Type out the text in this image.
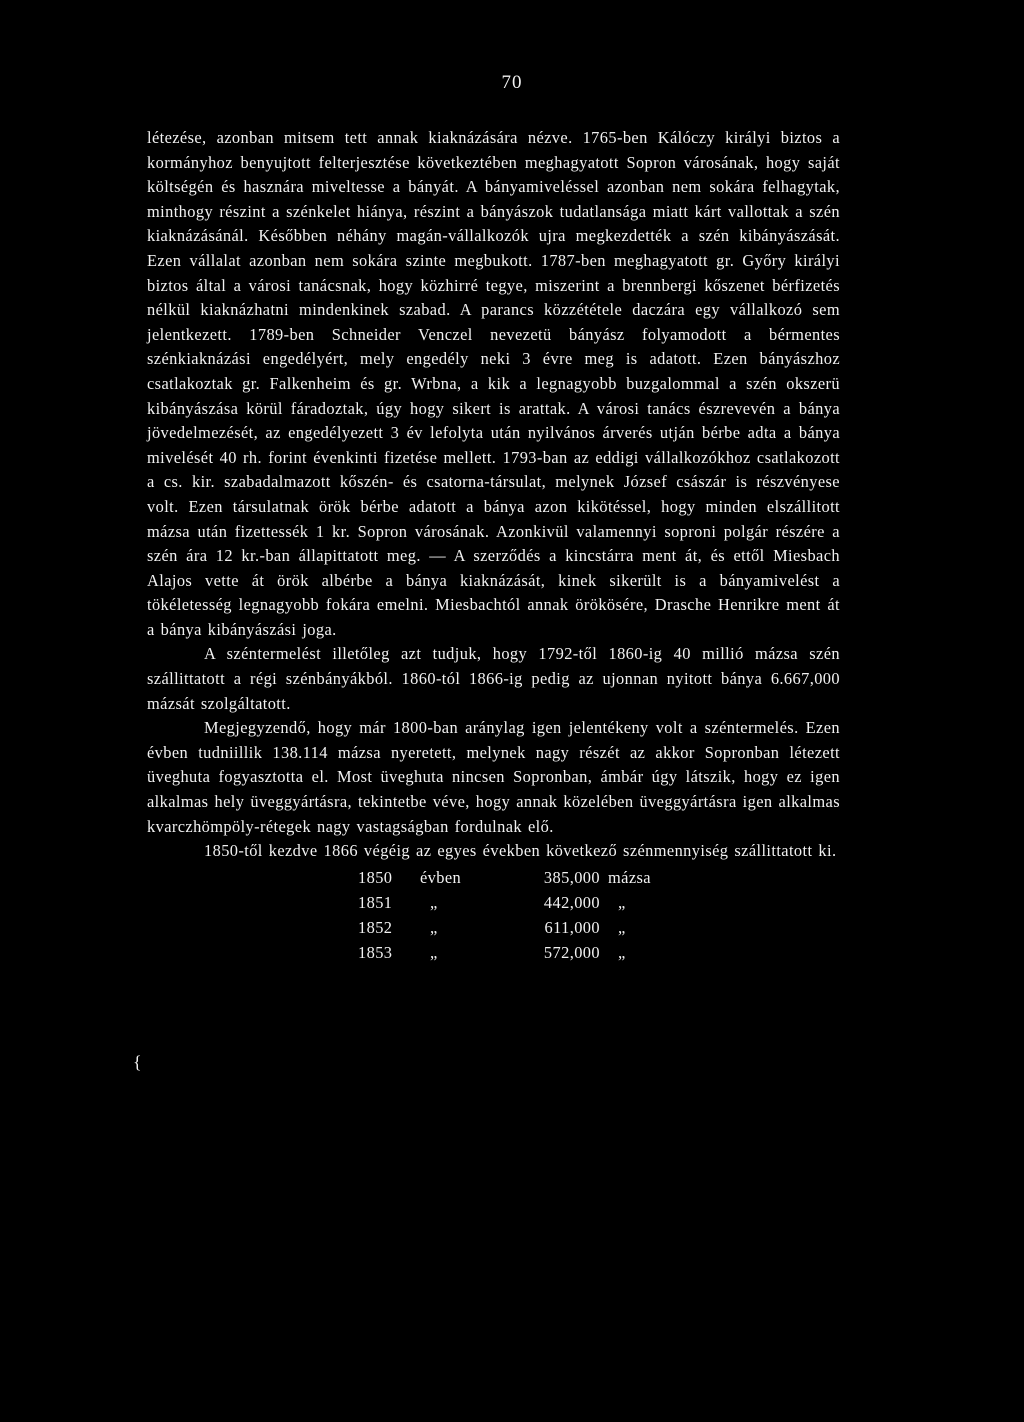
70
{

létezése, azonban mitsem tett annak kiaknázására nézve. 1765-ben Kálóczy királyi biztos a kormányhoz benyujtott felterjesztése következtében meghagyatott Sopron városának, hogy saját költségén és hasznára miveltesse a bányát. A bányamiveléssel azonban nem sokára felhagytak, minthogy részint a szénkelet hiánya, részint a bányászok tudatlansága miatt kárt vallottak a szén kiaknázásánál. Későbben néhány magán-vállalkozók ujra megkezdették a szén kibányászását. Ezen vállalat azonban nem sokára szinte megbukott. 1787-ben meghagyatott gr. Győry királyi biztos által a városi tanácsnak, hogy közhirré tegye, miszerint a brennbergi kőszenet bérfizetés nélkül kiaknázhatni mindenkinek szabad. A parancs közzététele daczára egy vállalkozó sem jelentkezett. 1789-ben Schneider Venczel nevezetü bányász folyamodott a bérmentes szénkiaknázási engedélyért, mely engedély neki 3 évre meg is adatott. Ezen bányászhoz csatlakoztak gr. Falkenheim és gr. Wrbna, a kik a legnagyobb buzgalommal a szén okszerü kibányászása körül fáradoztak, úgy hogy sikert is arattak. A városi tanács észrevevén a bánya jövedelmezését, az engedélyezett 3 év lefolyta után nyilvános árverés utján bérbe adta a bánya mivelését 40 rh. forint évenkinti fizetése mellett. 1793-ban az eddigi vállalkozókhoz csatlakozott a cs. kir. szabadalmazott kőszén- és csatorna-társulat, melynek József császár is részvényese volt. Ezen társulatnak örök bérbe adatott a bánya azon kikötéssel, hogy minden elszállitott mázsa után fizettessék 1 kr. Sopron városának. Azonkivül valamennyi soproni polgár részére a szén ára 12 kr.-ban állapittatott meg. — A szerződés a kincstárra ment át, és ettől Miesbach Alajos vette át örök albérbe a bánya kiaknázását, kinek sikerült is a bányamivelést a tökéletesség legnagyobb fokára emelni. Miesbachtól annak örökösére, Drasche Henrikre ment át a bánya kibányászási joga.

A széntermelést illetőleg azt tudjuk, hogy 1792-től 1860-ig 40 millió mázsa szén szállittatott a régi szénbányákból. 1860-tól 1866-ig pedig az ujonnan nyitott bánya 6.667,000 mázsát szolgáltatott.

Megjegyzendő, hogy már 1800-ban aránylag igen jelentékeny volt a széntermelés. Ezen évben tudniillik 138.114 mázsa nyeretett, melynek nagy részét az akkor Sopronban létezett üveghuta fogyasztotta el. Most üveghuta nincsen Sopronban, ámbár úgy látszik, hogy ez igen alkalmas hely üveggyártásra, tekintetbe véve, hogy annak közelében üveggyártásra igen alkalmas kvarczhömpöly-rétegek nagy vastagságban fordulnak elő.

1850-től kezdve 1866 végéig az egyes években következő szénmennyiség szállittatott ki.

1850	évben	385,000	mázsa
1851	„	442,000	„
1852	„	611,000	„
1853	„	572,000	„
